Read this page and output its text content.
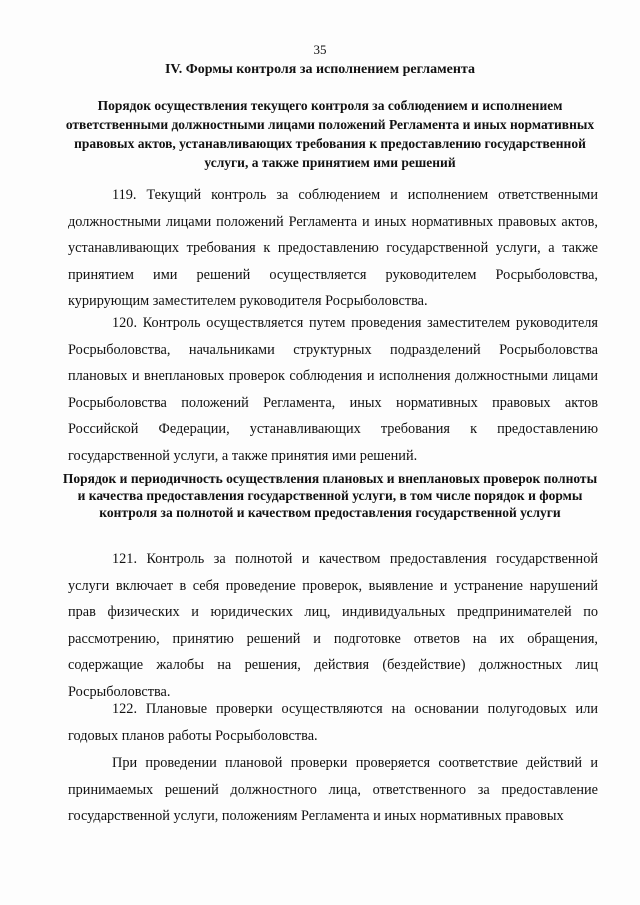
35
IV. Формы контроля за исполнением регламента
Порядок осуществления текущего контроля за соблюдением и исполнением ответственными должностными лицами положений Регламента и иных нормативных правовых актов, устанавливающих требования к предоставлению государственной услуги, а также принятием ими решений
119. Текущий контроль за соблюдением и исполнением ответственными должностными лицами положений Регламента и иных нормативных правовых актов, устанавливающих требования к предоставлению государственной услуги, а также принятием ими решений осуществляется руководителем Росрыболовства, курирующим заместителем руководителя Росрыболовства.
120. Контроль осуществляется путем проведения заместителем руководителя Росрыболовства, начальниками структурных подразделений Росрыболовства плановых и внеплановых проверок соблюдения и исполнения должностными лицами Росрыболовства положений Регламента, иных нормативных правовых актов Российской Федерации, устанавливающих требования к предоставлению государственной услуги, а также принятия ими решений.
Порядок и периодичность осуществления плановых и внеплановых проверок полноты и качества предоставления государственной услуги, в том числе порядок и формы контроля за полнотой и качеством предоставления государственной услуги
121. Контроль за полнотой и качеством предоставления государственной услуги включает в себя проведение проверок, выявление и устранение нарушений прав физических и юридических лиц, индивидуальных предпринимателей по рассмотрению, принятию решений и подготовке ответов на их обращения, содержащие жалобы на решения, действия (бездействие) должностных лиц Росрыболовства.
122. Плановые проверки осуществляются на основании полугодовых или годовых планов работы Росрыболовства.
При проведении плановой проверки проверяется соответствие действий и принимаемых решений должностного лица, ответственного за предоставление государственной услуги, положениям Регламента и иных нормативных правовых
